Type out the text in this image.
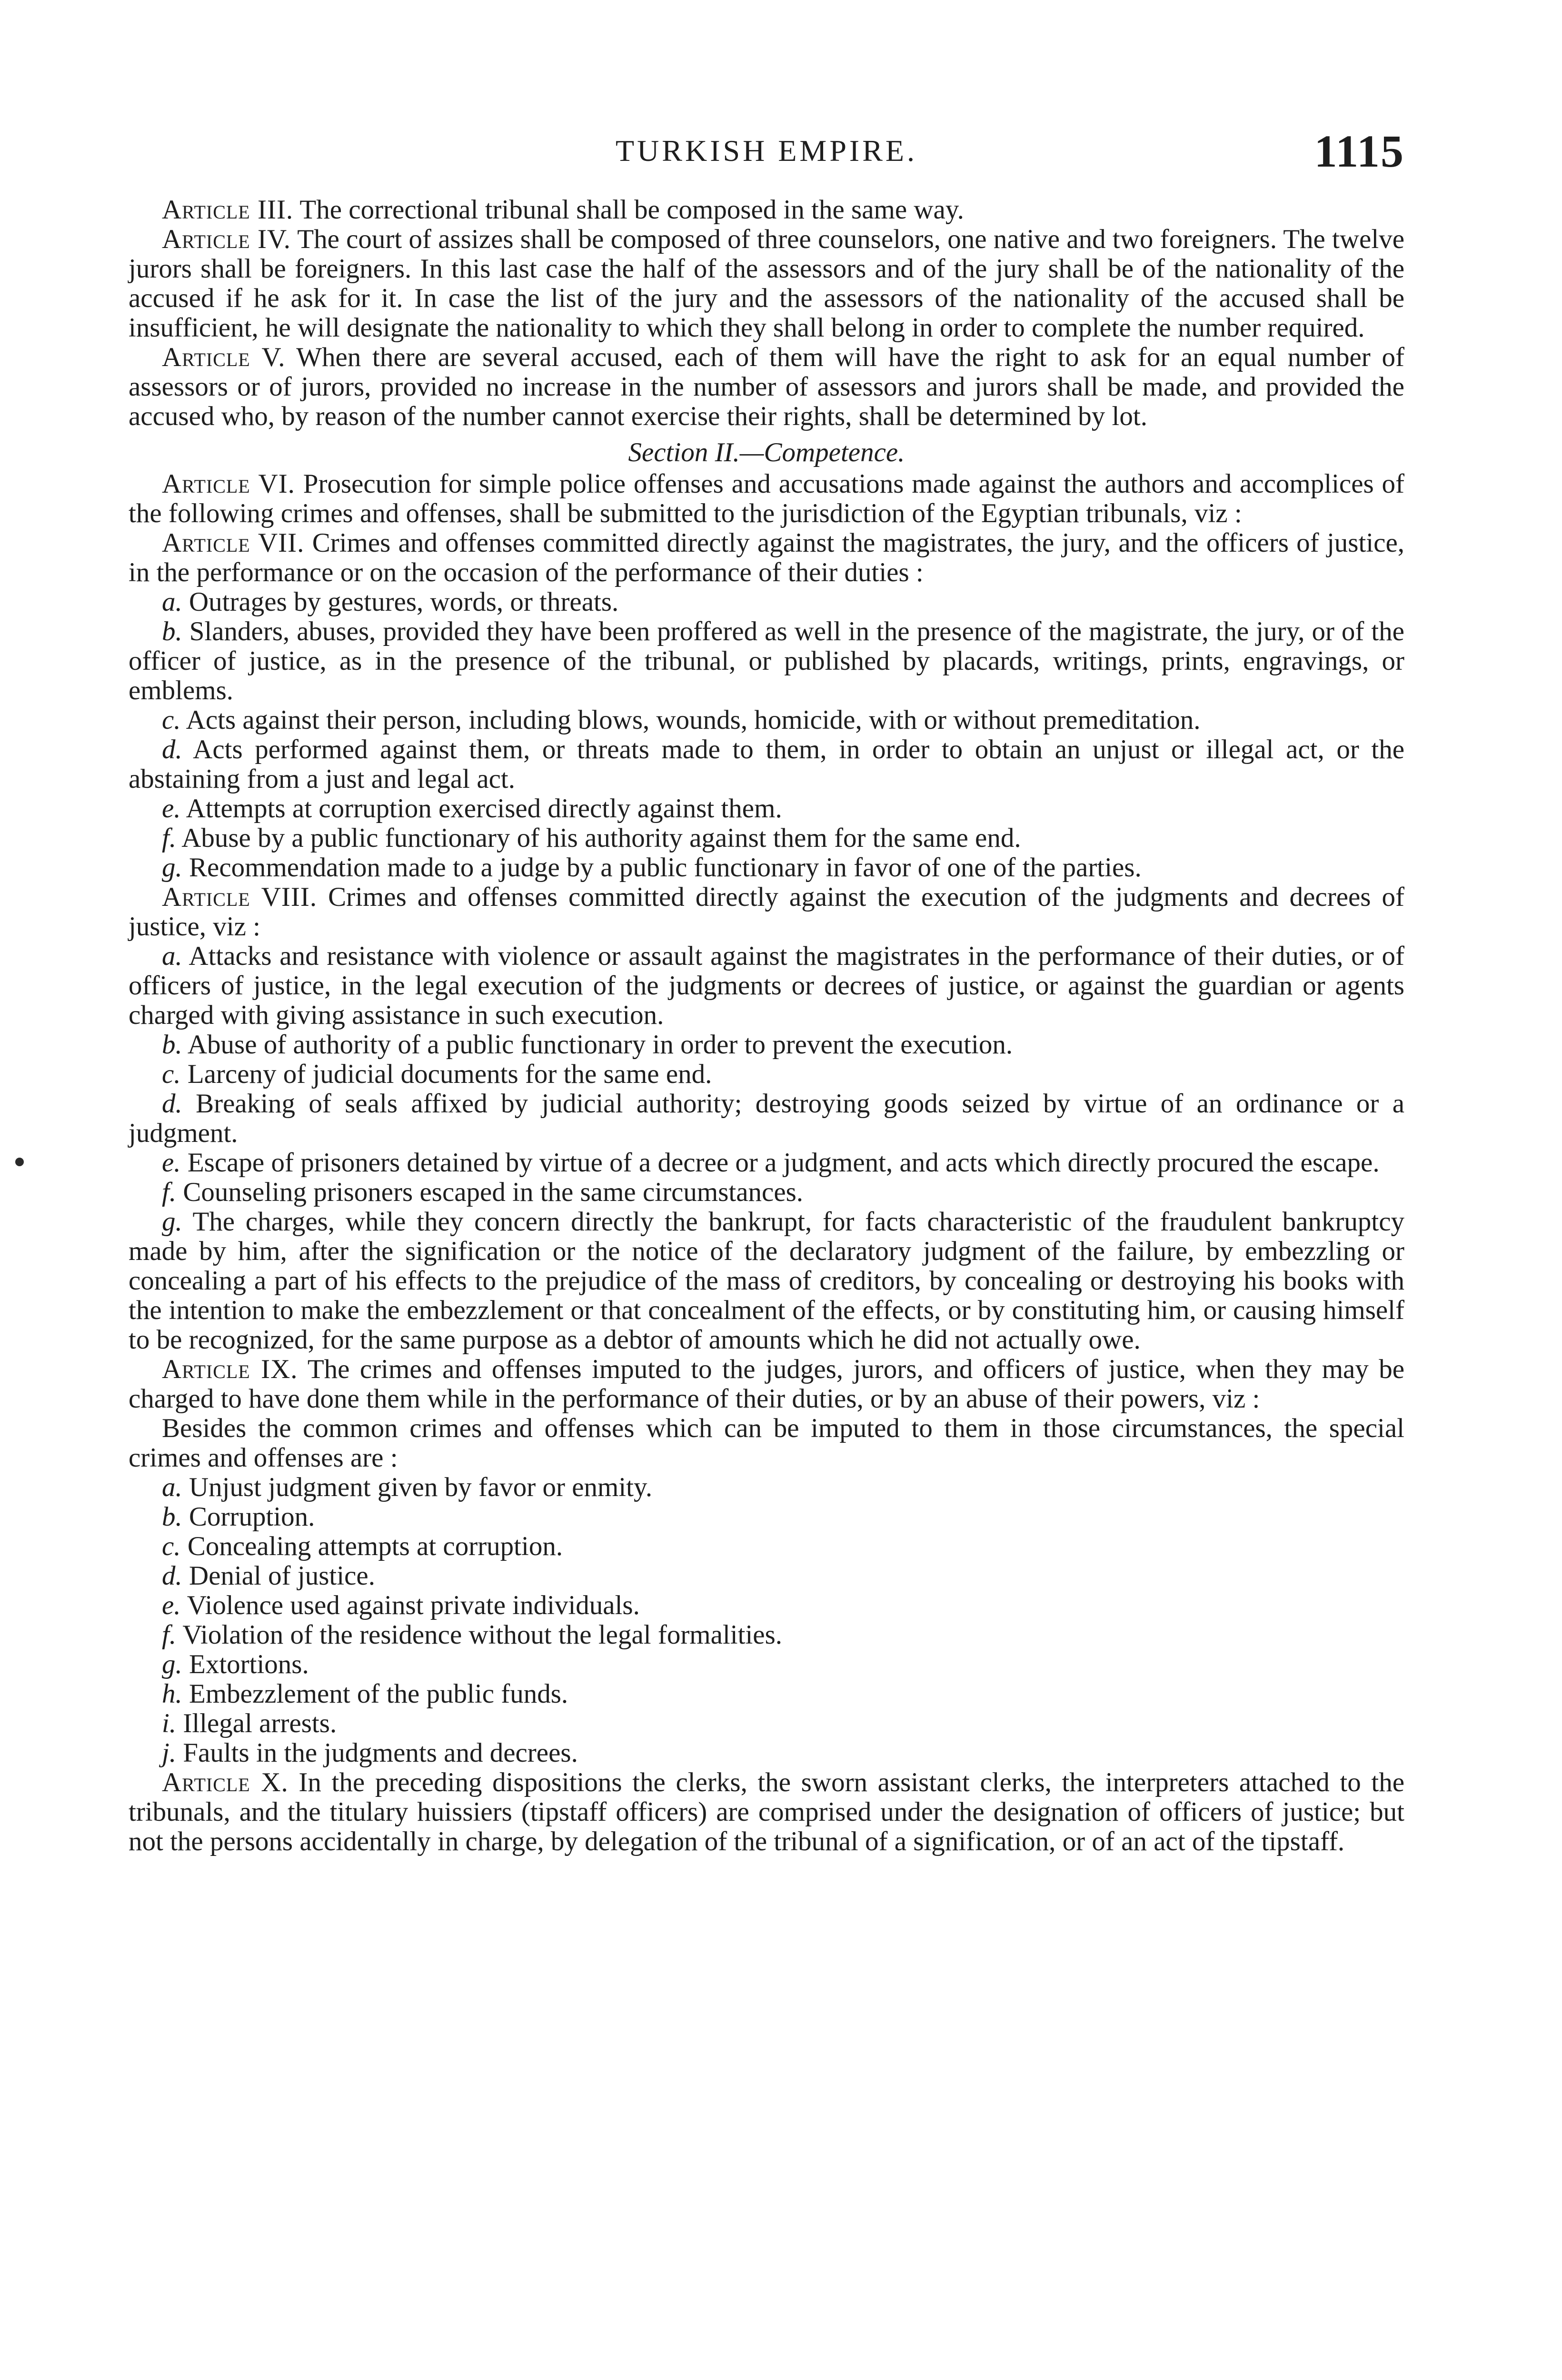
TURKISH EMPIRE.	1115

Article III. The correctional tribunal shall be composed in the same way.

Article IV. The court of assizes shall be composed of three counselors, one native and two foreigners. The twelve jurors shall be foreigners. In this last case the half of the assessors and of the jury shall be of the nationality of the accused if he ask for it. In case the list of the jury and the assessors of the nationality of the accused shall be insufficient, he will designate the nationality to which they shall belong in order to complete the number required.

Article V. When there are several accused, each of them will have the right to ask for an equal number of assessors or of jurors, provided no increase in the number of assessors and jurors shall be made, and provided the accused who, by reason of the number cannot exercise their rights, shall be determined by lot.

Section II.—Competence.

Article VI. Prosecution for simple police offenses and accusations made against the authors and accomplices of the following crimes and offenses, shall be submitted to the jurisdiction of the Egyptian tribunals, viz :

Article VII. Crimes and offenses committed directly against the magistrates, the jury, and the officers of justice, in the performance or on the occasion of the performance of their duties :

a. Outrages by gestures, words, or threats.

b. Slanders, abuses, provided they have been proffered as well in the presence of the magistrate, the jury, or of the officer of justice, as in the presence of the tribunal, or published by placards, writings, prints, engravings, or emblems.

c. Acts against their person, including blows, wounds, homicide, with or without premeditation.

d. Acts performed against them, or threats made to them, in order to obtain an unjust or illegal act, or the abstaining from a just and legal act.

e. Attempts at corruption exercised directly against them.

f. Abuse by a public functionary of his authority against them for the same end.

g. Recommendation made to a judge by a public functionary in favor of one of the parties.

Article VIII. Crimes and offenses committed directly against the execution of the judgments and decrees of justice, viz :

a. Attacks and resistance with violence or assault against the magistrates in the performance of their duties, or of officers of justice, in the legal execution of the judgments or decrees of justice, or against the guardian or agents charged with giving assistance in such execution.

b. Abuse of authority of a public functionary in order to prevent the execution.

c. Larceny of judicial documents for the same end.

d. Breaking of seals affixed by judicial authority; destroying goods seized by virtue of an ordinance or a judgment.

e. Escape of prisoners detained by virtue of a decree or a judgment, and acts which directly procured the escape.

f. Counseling prisoners escaped in the same circumstances.

g. The charges, while they concern directly the bankrupt, for facts characteristic of the fraudulent bankruptcy made by him, after the signification or the notice of the declaratory judgment of the failure, by embezzling or concealing a part of his effects to the prejudice of the mass of creditors, by concealing or destroying his books with the intention to make the embezzlement or that concealment of the effects, or by constituting him, or causing himself to be recognized, for the same purpose as a debtor of amounts which he did not actually owe.

Article IX. The crimes and offenses imputed to the judges, jurors, and officers of justice, when they may be charged to have done them while in the performance of their duties, or by an abuse of their powers, viz :

Besides the common crimes and offenses which can be imputed to them in those circumstances, the special crimes and offenses are :

a. Unjust judgment given by favor or enmity.

b. Corruption.

c. Concealing attempts at corruption.

d. Denial of justice.

e. Violence used against private individuals.

f. Violation of the residence without the legal formalities.

g. Extortions.

h. Embezzlement of the public funds.

i. Illegal arrests.

j. Faults in the judgments and decrees.

Article X. In the preceding dispositions the clerks, the sworn assistant clerks, the interpreters attached to the tribunals, and the titulary huissiers (tipstaff officers) are comprised under the designation of officers of justice; but not the persons accidentally in charge, by delegation of the tribunal of a signification, or of an act of the tipstaff.
